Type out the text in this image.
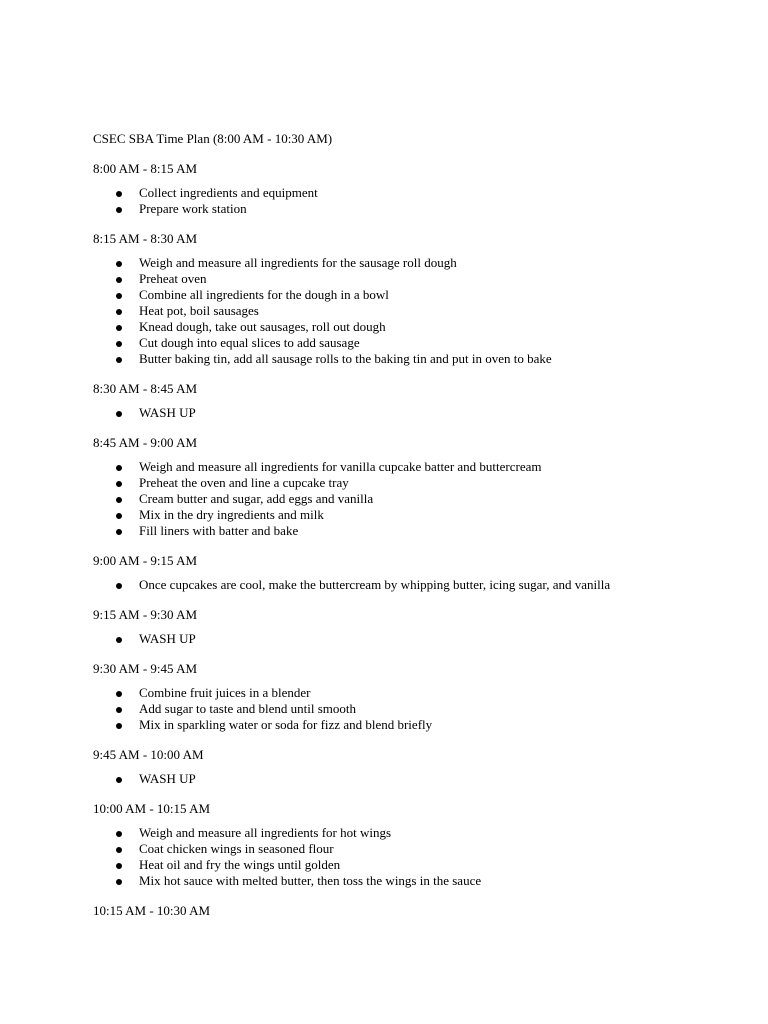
CSEC SBA Time Plan (8:00 AM - 10:30 AM)

8:00 AM - 8:15 AM

Collect ingredients and equipment
Prepare work station

8:15 AM - 8:30 AM

Weigh and measure all ingredients for the sausage roll dough
Preheat oven
Combine all ingredients for the dough in a bowl
Heat pot, boil sausages
Knead dough, take out sausages, roll out dough
Cut dough into equal slices to add sausage
Butter baking tin, add all sausage rolls to the baking tin and put in oven to bake

8:30 AM - 8:45 AM

WASH UP

8:45 AM - 9:00 AM

Weigh and measure all ingredients for vanilla cupcake batter and buttercream
Preheat the oven and line a cupcake tray
Cream butter and sugar, add eggs and vanilla
Mix in the dry ingredients and milk
Fill liners with batter and bake

9:00 AM - 9:15 AM

Once cupcakes are cool, make the buttercream by whipping butter, icing sugar, and vanilla

9:15 AM - 9:30 AM

WASH UP

9:30 AM - 9:45 AM

Combine fruit juices in a blender
Add sugar to taste and blend until smooth
Mix in sparkling water or soda for fizz and blend briefly

9:45 AM - 10:00 AM

WASH UP

10:00 AM - 10:15 AM

Weigh and measure all ingredients for hot wings
Coat chicken wings in seasoned flour
Heat oil and fry the wings until golden
Mix hot sauce with melted butter, then toss the wings in the sauce

10:15 AM - 10:30 AM
